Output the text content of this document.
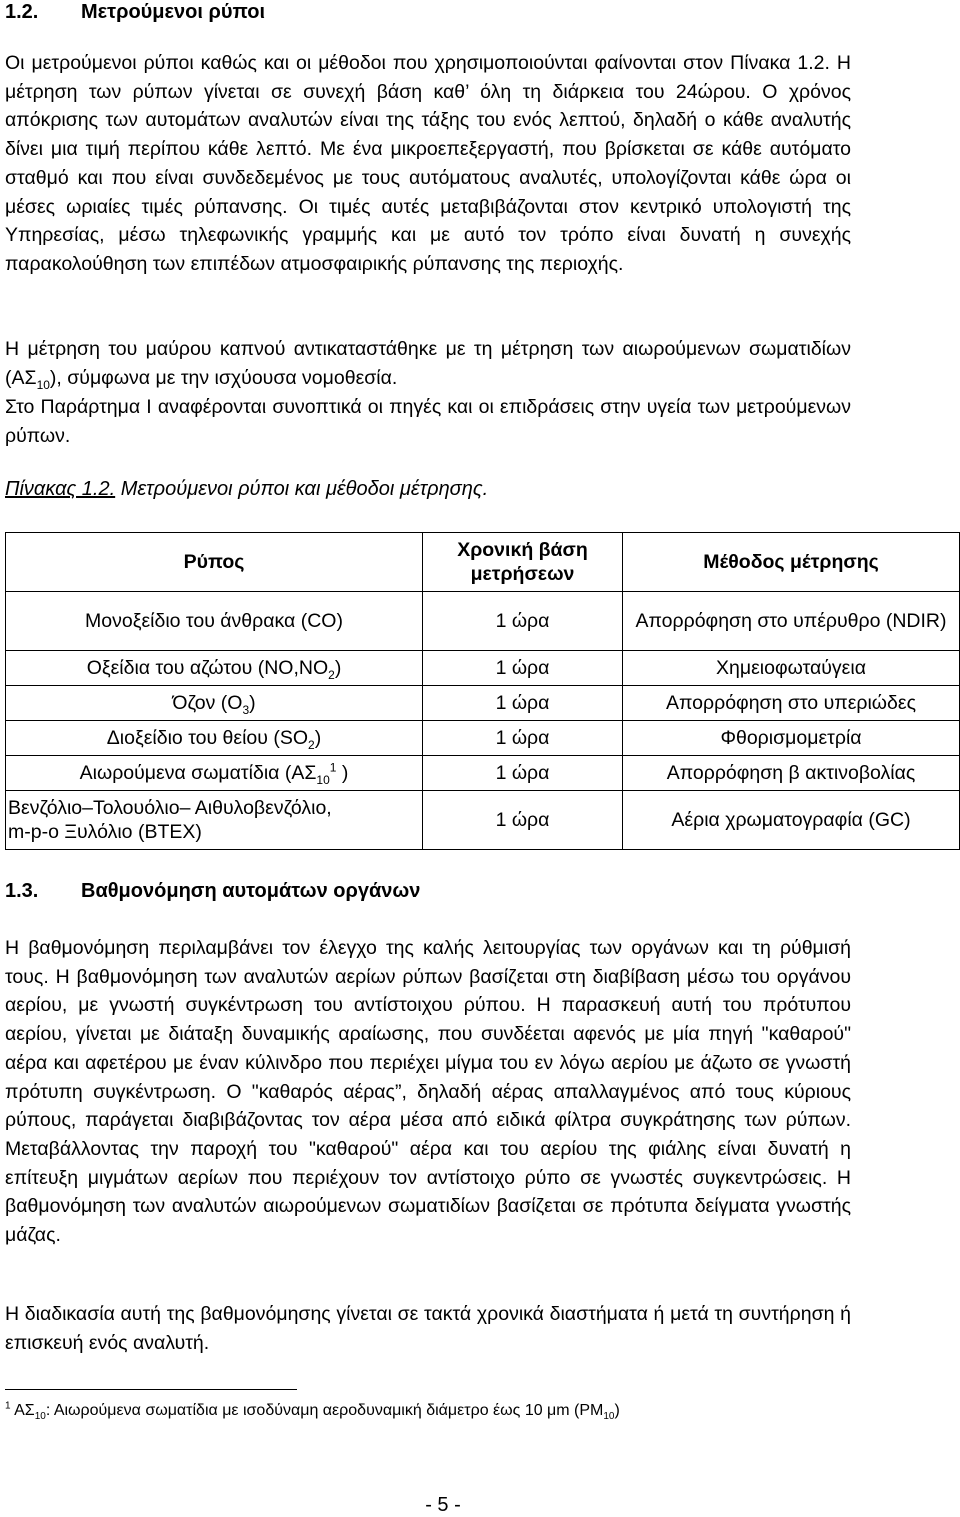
1.2. Μετρούμενοι ρύποι
Οι μετρούμενοι ρύποι καθώς και οι μέθοδοι που χρησιμοποιούνται φαίνονται στον Πίνακα 1.2. Η μέτρηση των ρύπων γίνεται σε συνεχή βάση καθ’ όλη τη διάρκεια του 24ώρου. Ο χρόνος απόκρισης των αυτομάτων αναλυτών είναι της τάξης του ενός λεπτού, δηλαδή ο κάθε αναλυτής δίνει μια τιμή περίπου κάθε λεπτό. Με ένα μικροεπεξεργαστή, που βρίσκεται σε κάθε αυτόματο σταθμό και που είναι συνδεδεμένος με τους αυτόματους αναλυτές, υπολογίζονται κάθε ώρα οι μέσες ωριαίες τιμές ρύπανσης. Οι τιμές αυτές μεταβιβάζονται στον κεντρικό υπολογιστή της Υπηρεσίας, μέσω τηλεφωνικής γραμμής και με αυτό τον τρόπο είναι δυνατή η συνεχής παρακολούθηση των επιπέδων ατμοσφαιρικής ρύπανσης της περιοχής.
Η μέτρηση του μαύρου καπνού αντικαταστάθηκε με τη μέτρηση των αιωρούμενων σωματιδίων $(A\Sigma_{10})$, σύμφωνα με την ισχύουσα νομοθεσία.
Στο Παράρτημα Ι αναφέρονται συνοπτικά οι πηγές και οι επιδράσεις στην υγεία των μετρούμενων ρύπων.
Πίνακας 1.2. Μετρούμενοι ρύποι και μέθοδοι μέτρησης.
Ρύπος	Χρονική βάση μετρήσεων	Μέθοδος μέτρησης
Μονοξείδιο του άνθρακα (CO)	1 ώρα	Απορρόφηση στο υπέρυθρο (NDIR)
Οξείδια του αζώτου $(NO,NO_2)$	1 ώρα	Χημειοφωταύγεια
Όζον $(O_3)$	1 ώρα	Απορρόφηση στο υπεριώδες
Διοξείδιο του θείου $(SO_2)$	1 ώρα	Φθορισμομετρία
Αιωρούμενα σωματίδια ($A\Sigma_{10}^1$ )	1 ώρα	Απορρόφηση β ακτινοβολίας
Βενζόλιο–Τολουόλιο– Αιθυλοβενζόλιο,
m-p-o Ξυλόλιο (BTEX)	1 ώρα	Αέρια χρωματογραφία (GC)
1.3. Βαθμονόμηση αυτομάτων οργάνων
Η βαθμονόμηση περιλαμβάνει τον έλεγχο της καλής λειτουργίας των οργάνων και τη ρύθμισή τους. Η βαθμονόμηση των αναλυτών αερίων ρύπων βασίζεται στη διαβίβαση μέσω του οργάνου αερίου, με γνωστή συγκέντρωση του αντίστοιχου ρύπου. Η παρασκευή αυτή του πρότυπου αερίου, γίνεται με διάταξη δυναμικής αραίωσης, που συνδέεται αφενός με μία πηγή "καθαρού" αέρα και αφετέρου με έναν κύλινδρο που περιέχει μίγμα του εν λόγω αερίου με άζωτο σε γνωστή πρότυπη συγκέντρωση. Ο "καθαρός αέρας”, δηλαδή αέρας απαλλαγμένος από τους κύριους ρύπους, παράγεται διαβιβάζοντας τον αέρα μέσα από ειδικά φίλτρα συγκράτησης των ρύπων. Μεταβάλλοντας την παροχή του "καθαρού" αέρα και του αερίου της φιάλης είναι δυνατή η επίτευξη μιγμάτων αερίων που περιέχουν τον αντίστοιχο ρύπο σε γνωστές συγκεντρώσεις. Η βαθμονόμηση των αναλυτών αιωρούμενων σωματιδίων βασίζεται σε πρότυπα δείγματα γνωστής μάζας.
Η διαδικασία αυτή της βαθμονόμησης γίνεται σε τακτά χρονικά διαστήματα ή μετά τη συντήρηση ή επισκευή ενός αναλυτή.
$^1$ $A\Sigma_{10}$: Αιωρούμενα σωματίδια με ισοδύναμη αεροδυναμική διάμετρο έως 10 μm $(PM_{10})$
- 5 -
